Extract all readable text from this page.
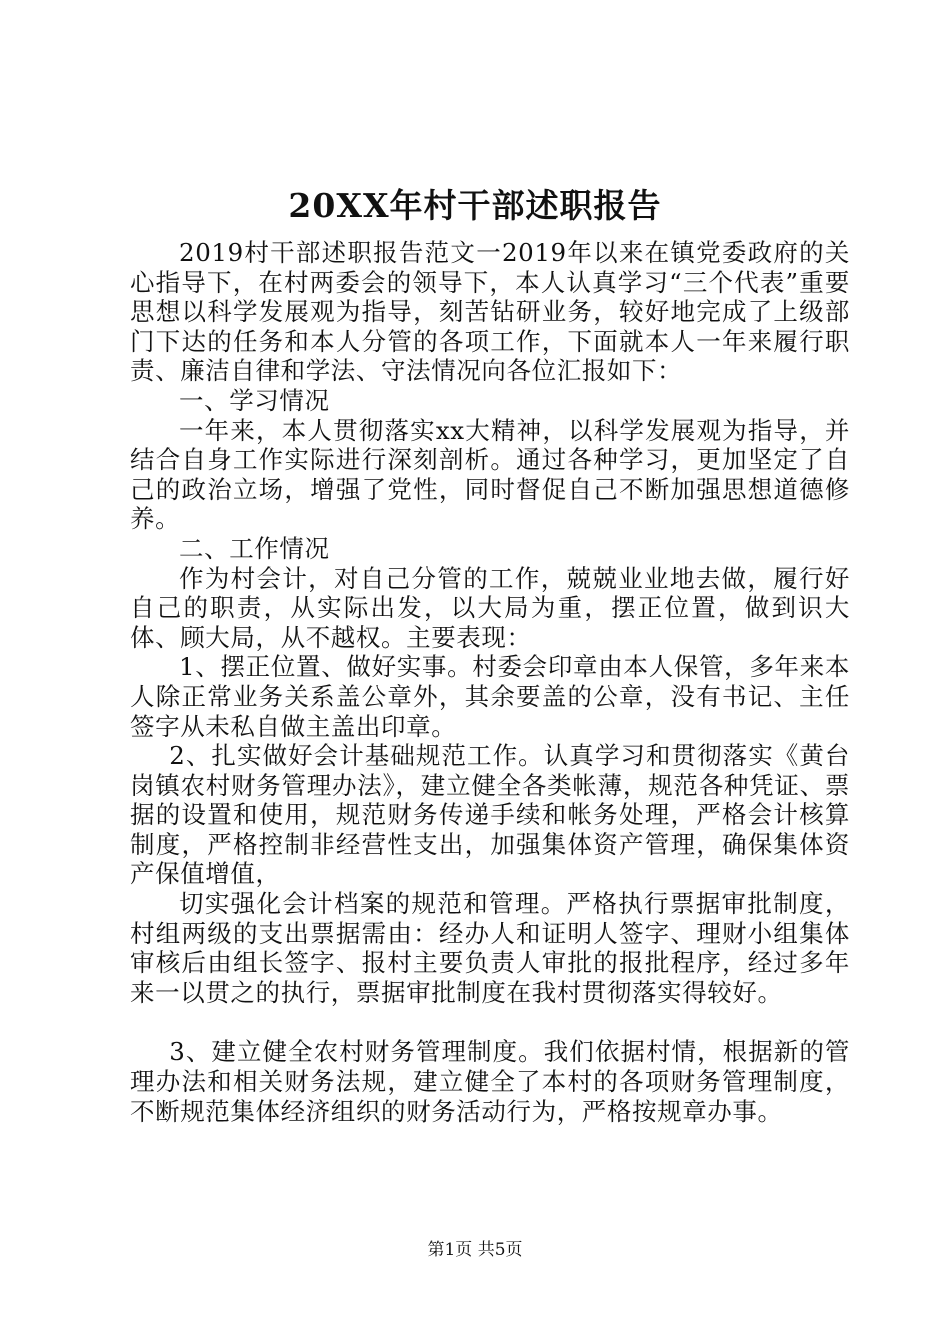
20XX年村干部述职报告

2019村干部述职报告范文一2019年以来在镇党委政府的关心指导下，在村两委会的领导下，本人认真学习“三个代表”重要思想以科学发展观为指导，刻苦钻研业务，较好地完成了上级部门下达的任务和本人分管的各项工作，下面就本人一年来履行职责、廉洁自律和学法、守法情况向各位汇报如下：

一、学习情况

一年来，本人贯彻落实xx大精神，以科学发展观为指导，并结合自身工作实际进行深刻剖析。通过各种学习，更加坚定了自己的政治立场，增强了党性，同时督促自己不断加强思想道德修养。

二、工作情况

作为村会计，对自己分管的工作，兢兢业业地去做，履行好自己的职责，从实际出发，以大局为重，摆正位置，做到识大体、顾大局，从不越权。主要表现：

1、摆正位置、做好实事。村委会印章由本人保管，多年来本人除正常业务关系盖公章外，其余要盖的公章，没有书记、主任签字从未私自做主盖出印章。

2、扎实做好会计基础规范工作。认真学习和贯彻落实《黄台岗镇农村财务管理办法》，建立健全各类帐薄，规范各种凭证、票据的设置和使用，规范财务传递手续和帐务处理，严格会计核算制度，严格控制非经营性支出，加强集体资产管理，确保集体资产保值增值，

切实强化会计档案的规范和管理。严格执行票据审批制度，村组两级的支出票据需由：经办人和证明人签字、理财小组集体审核后由组长签字、报村主要负责人审批的报批程序，经过多年来一以贯之的执行，票据审批制度在我村贯彻落实得较好。

3、建立健全农村财务管理制度。我们依据村情，根据新的管理办法和相关财务法规，建立健全了本村的各项财务管理制度，不断规范集体经济组织的财务活动行为，严格按规章办事。

第1页 共5页
